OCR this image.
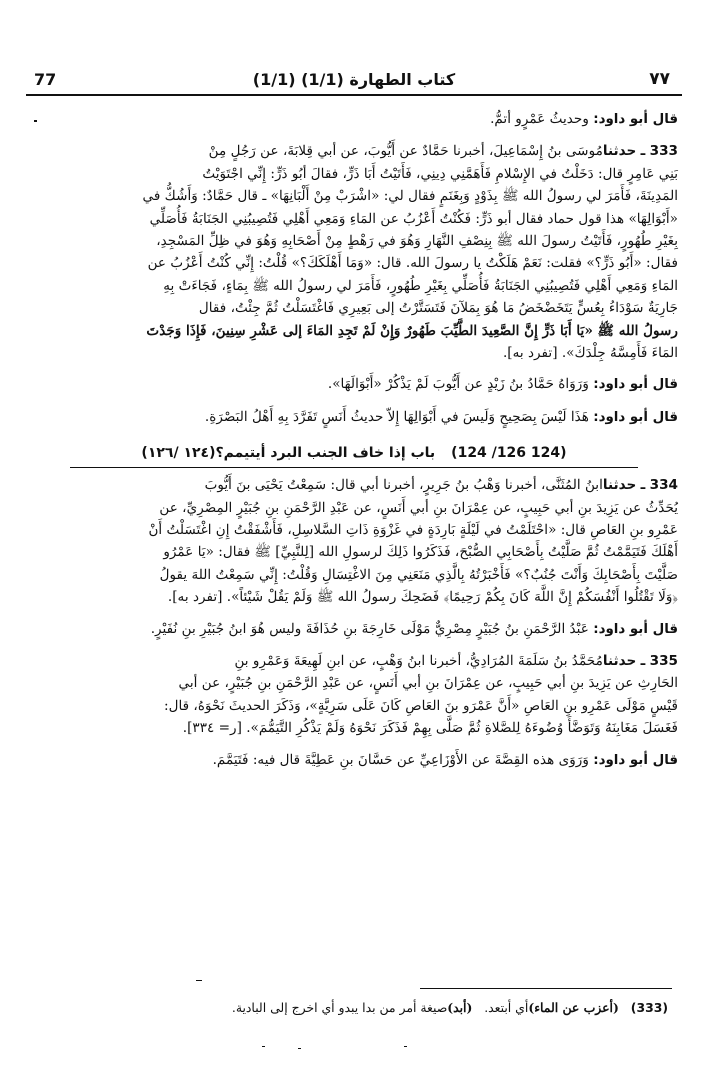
77	(1/1) كتاب الطهارة (1/1)	٧٧
قال أبو داود: وحديثُ عَمْرٍو أتمُّ.
333 ـ حدثنامُوسَى بنُ إِسْمَاعِيلَ، أخبرنا حَمَّادٌ عن أَيُّوبَ، عن أبي قِلابَةَ، عن رَجُلٍ مِنْ
بَنِي عَامِرٍ قال: دَخَلْتُ في الإِسْلامِ فَأَهَمَّنِي دِينِي، فَأَتَيْتُ أَبَا ذَرٍّ، فقالَ أبُو ذَرٍّ: إِنِّي اجْتَوَيْتُ
المَدِينَةَ، فَأَمَرَ لي رسولُ الله ﷺ بِذَوْدٍ وَبِغَنَمٍ فقال لي: «اشْرَبْ مِنْ أَلْبَانِهَا» ـ قال حَمَّادٌ: وَأَشُكُّ في
«أَبْوَالِهَا» هذا قول حماد فقال أبو ذَرٍّ: فَكُنْتُ أَعْزُبُ عن المَاءِ وَمَعِي أَهْلِي فَتُصِيبُنِي الجَنَابَةُ فَأُصَلِّي
بِغَيْرِ طُهُورٍ، فَأَتَيْتُ رسولَ الله ﷺ بِنِصْفِ النَّهَارِ وَهُوَ في رَهْطٍ مِنْ أَصْحَابِهِ وَهُوَ في ظِلِّ المَسْجِدِ،
فقال: «أَبُو ذَرٍّ؟» فقلت: نَعَمْ هَلَكْتُ يا رسولَ الله. قال: «وَمَا أَهْلَكَكَ؟» قُلْتُ: إِنِّي كُنْتُ أَعْزُبُ عن
المَاءِ وَمَعِي أَهْلِي فَتُصِيبُنِي الجَنَابَةُ فَأُصَلِّي بِغَيْرِ طُهُورٍ، فَأَمَرَ لي رسولُ الله ﷺ بِمَاءٍ، فَجَاءَتْ بِهِ
جَارِيَةٌ سَوْدَاءُ بِعُسٍّ يَتَخَضْخَضُ مَا هُوَ بِمَلآنَ فَتَسَتَّرْتُ إلى بَعِيرِي فَاغْتَسَلْتُ ثُمَّ جِئْتُ، فقال
رسولُ الله ﷺ «يَا أَبَا ذَرٍّ إِنَّ الصَّعِيدَ الطَّيِّبَ طَهُورٌ وَإِنْ لَمْ تَجِدِ المَاءَ إلى عَشْرِ سِنِينَ، فَإِذَا وَجَدْتَ
المَاءَ فَأَمِسَّهُ جِلْدَكَ». [تفرد به].
قال أبو داود: وَرَوَاهُ حَمَّادُ بنُ زَيْدٍ عن أَيُّوبَ لَمْ يَذْكُرْ «أَبْوَالَهَا».
قال أبو داود: هَذَا لَيْسَ بِصَحِيحٍ وَلَيسَ في أَبْوَالِهَا إِلاّ حديثُ أَنَسٍ تَفَرَّدَ بِهِ أَهْلُ البَصْرَةِ.
(124 126/ 124)باب إذا خاف الجنب البرد أيتيمم؟(١٢٤ /١٢٦)
334 ـ حدثناابنُ المُثَنَّى، أخبرنا وَهْبُ بنُ جَرِيرٍ، أخبرنا أبي قال: سَمِعْتُ يَحْيَى بنَ أَيُّوبَ
يُحَدِّثُ عن يَزِيدَ بنِ أبي حَبِيبٍ، عن عِمْرَانَ بنِ أبي أَنَسٍ، عن عَبْدِ الرَّحْمَنِ بنِ جُبَيْرٍ المِصْرِيِّ، عن
عَمْرِو بنِ العَاصِ قال: «احْتَلَمْتُ في لَيْلَةٍ بَارِدَةٍ في غَزْوَةِ ذَاتِ السَّلاسِلِ، فَأَشْفَقْتُ إِنِ اغْتَسَلْتُ أَنْ
أَهْلَكَ فَتَيَمَّمْتُ ثُمَّ صَلَّيْتُ بِأَصْحَابِي الصُّبْحَ، فَذَكَرُوا ذَلِكَ لرسولِ الله [لِلنَّبِيِّ] ﷺ فقال: «يَا عَمْرُو
صَلَّيْتَ بِأَصْحَابِكَ وَأَنْتَ جُنُبٌ؟» فَأَخْبَرْتُهُ بِالَّذِي مَنَعَنِي مِنَ الاغْتِسَالِ وَقُلْتُ: إِنِّي سَمِعْتُ اللهَ يقولُ
﴿وَلَا تَقْتُلُوا أَنْفُسَكُمْ إِنَّ اللَّهَ كَانَ بِكُمْ رَحِيمًا﴾ فَضَحِكَ رسولُ الله ﷺ وَلَمْ يَقُلْ شَيْئاً». [تفرد به].
قال أبو داود: عَبْدُ الرَّحْمَنِ بنُ جُبَيْرٍ مِصْرِيٌّ مَوْلَى خَارِجَةَ بنِ حُذَافَةَ وليس هُوَ ابنُ جُبَيْرِ بنِ نُفَيْرٍ.
335 ـ حدثنامُحَمَّدُ بنُ سَلَمَةَ المُرَادِيُّ، أخبرنا ابنُ وَهْبٍ، عن ابنِ لَهِيعَةَ وَعَمْرِو بنِ
الحَارِثِ عن يَزِيدَ بنِ أبي حَبِيبٍ، عن عِمْرَانَ بنِ أبي أَنَسٍ، عن عَبْدِ الرَّحْمَنِ بنِ جُبَيْرٍ، عن أبي
قَيْسٍ مَوْلَى عَمْرِو بنِ العَاصِ «أَنَّ عَمْرَو بنَ العَاصِ كَانَ عَلَى سَرِيَّةٍ»، وَذَكَرَ الحديثَ نَحْوَهُ، قال:
فَغَسَلَ مَغَابِنَهُ وَتَوَضَّأَ وُضُوءَهُ لِلصَّلاةِ ثُمَّ صَلَّى بِهِمْ فَذَكَرَ نَحْوَهُ وَلَمْ يَذْكُرِ التَّيَمُّمَ». [ر= ٣٣٤].
قال أبو داود: وَرَوَى هذه القِصَّةَ عن الأَوْزَاعِيِّ عن حَسَّانَ بنِ عَطِيَّةَ قال فيه: فَتَيَمَّمَ.
(333) (أعزب عن الماء)أي أبتعد.   (أبد)صيغة أمر من بدا يبدو أي اخرج إلى البادية.
